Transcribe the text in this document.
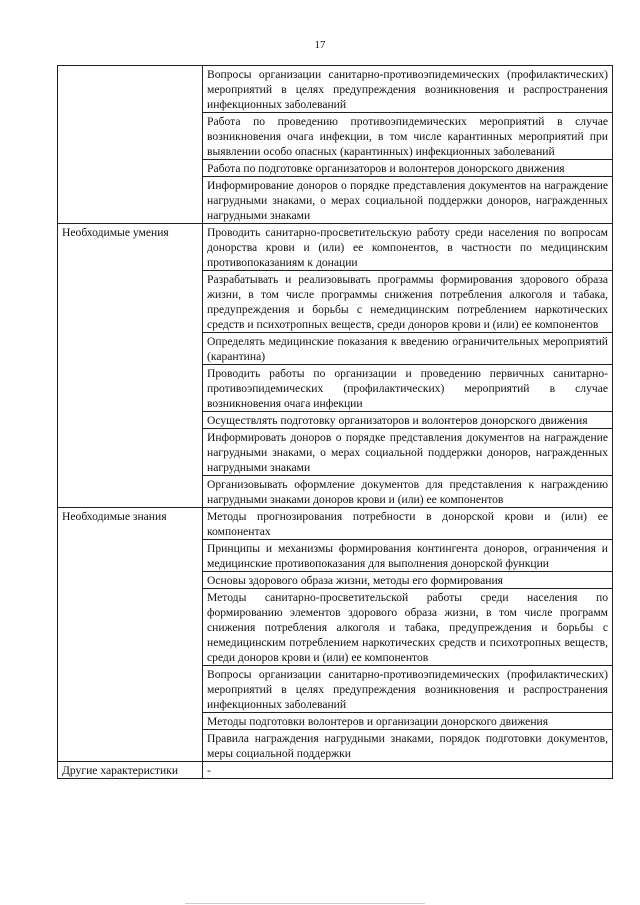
17
	Вопросы организации санитарно-противоэпидемических (профилактических) мероприятий в целях предупреждения возникновения и распространения инфекционных заболеваний
	Работа по проведению противоэпидемических мероприятий в случае возникновения очага инфекции, в том числе карантинных мероприятий при выявлении особо опасных (карантинных) инфекционных заболеваний
	Работа по подготовке организаторов и волонтеров донорского движения
	Информирование доноров о порядке представления документов на награждение нагрудными знаками, о мерах социальной поддержки доноров, награжденных нагрудными знаками
Необходимые умения	Проводить санитарно-просветительскую работу среди населения по вопросам донорства крови и (или) ее компонентов, в частности по медицинским противопоказаниям к донации
	Разрабатывать и реализовывать программы формирования здорового образа жизни, в том числе программы снижения потребления алкоголя и табака, предупреждения и борьбы с немедицинским потреблением наркотических средств и психотропных веществ, среди доноров крови и (или) ее компонентов
	Определять медицинские показания к введению ограничительных мероприятий (карантина)
	Проводить работы по организации и проведению первичных санитарно-противоэпидемических (профилактических) мероприятий в случае возникновения очага инфекции
	Осуществлять подготовку организаторов и волонтеров донорского движения
	Информировать доноров о порядке представления документов на награждение нагрудными знаками, о мерах социальной поддержки доноров, награжденных нагрудными знаками
	Организовывать оформление документов для представления к награждению нагрудными знаками доноров крови и (или) ее компонентов
Необходимые знания	Методы прогнозирования потребности в донорской крови и (или) ее компонентах
	Принципы и механизмы формирования контингента доноров, ограничения и медицинские противопоказания для выполнения донорской функции
	Основы здорового образа жизни, методы его формирования
	Методы санитарно-просветительской работы среди населения по формированию элементов здорового образа жизни, в том числе программ снижения потребления алкоголя и табака, предупреждения и борьбы с немедицинским потреблением наркотических средств и психотропных веществ, среди доноров крови и (или) ее компонентов
	Вопросы организации санитарно-противоэпидемических (профилактических) мероприятий в целях предупреждения возникновения и распространения инфекционных заболеваний
	Методы подготовки волонтеров и организации донорского движения
	Правила награждения нагрудными знаками, порядок подготовки документов, меры социальной поддержки
Другие характеристики	-
